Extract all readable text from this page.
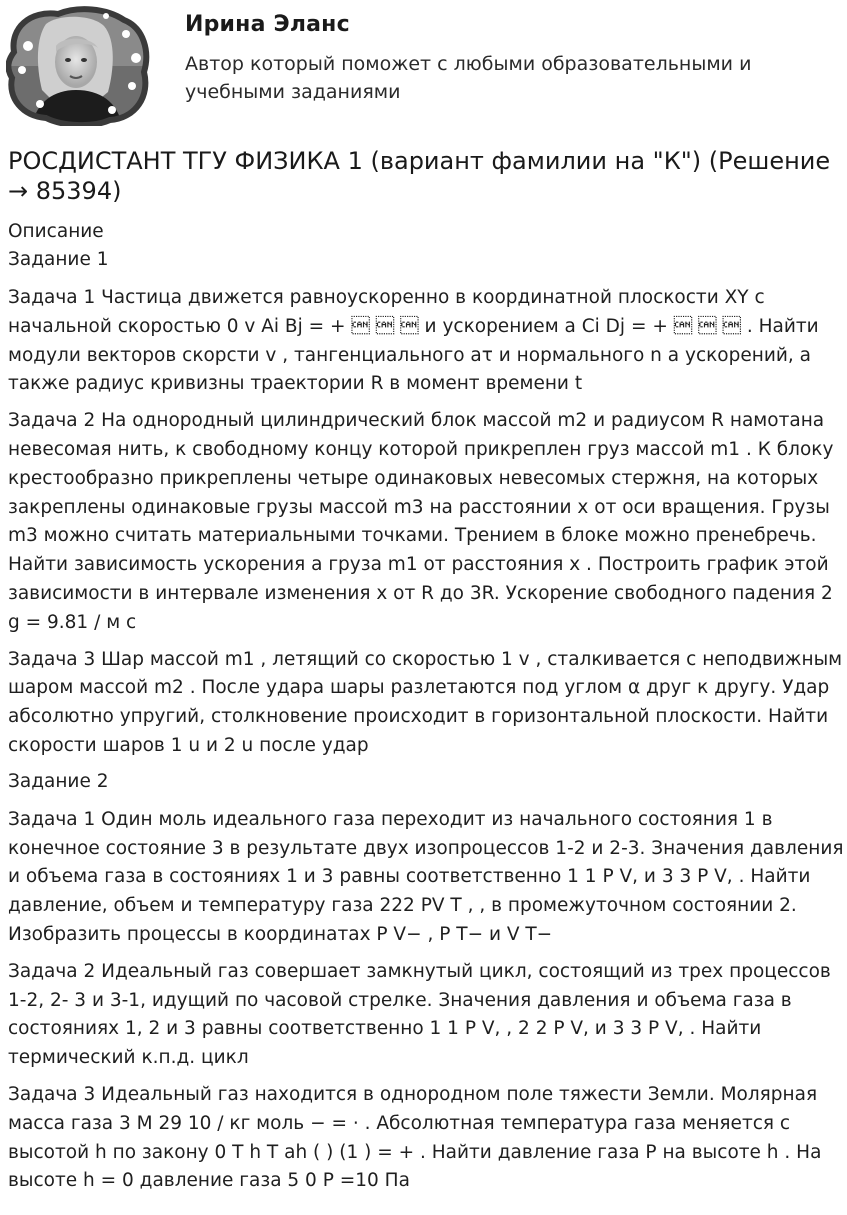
Ирина Эланс
Автор который поможет с любыми образовательными и учебными заданиями
РОСДИСТАНТ ТГУ ФИЗИКА 1 (вариант фамилии на "К") (Решение → 85394)
Описание
Задание 1
Задача 1 Частица движется равноускоренно в координатной плоскости XY с начальной скоростью 0 v Ai Bj = +    и ускорением a Ci Dj = +    . Найти модули векторов скорсти v , тангенциального aτ и нормального n a ускорений, а также радиус кривизны траектории R в момент времени t
Задача 2 На однородный цилиндрический блок массой m2 и радиусом R намотана невесомая нить, к свободному концу которой прикреплен груз массой m1 . К блоку крестообразно прикреплены четыре одинаковых невесомых стержня, на которых закреплены одинаковые грузы массой m3 на расстоянии x от оси вращения. Грузы m3 можно считать материальными точками. Трением в блоке можно пренебречь. Найти зависимость ускорения a груза m1 от расстояния x . Построить график этой зависимости в интервале изменения x от R до 3R. Ускорение свободного падения 2 g = 9.81 / м с
Задача 3 Шар массой m1 , летящий со скоростью 1 v , сталкивается с неподвижным шаром массой m2 . После удара шары разлетаются под углом α друг к другу. Удар абсолютно упругий, столкновение происходит в горизонтальной плоскости. Найти скорости шаров 1 u и 2 u после удар
Задание 2
Задача 1 Один моль идеального газа переходит из начального состояния 1 в конечное состояние 3 в результате двух изопроцессов 1-2 и 2-3. Значения давления и объема газа в состояниях 1 и 3 равны соответственно 1 1 P V, и 3 3 P V, . Найти давление, объем и температуру газа 222 PV T , , в промежуточном состоянии 2. Изобразить процессы в координатах P V− , P T− и V T−
Задача 2 Идеальный газ совершает замкнутый цикл, состоящий из трех процессов 1-2, 2- 3 и 3-1, идущий по часовой стрелке. Значения давления и объема газа в состояниях 1, 2 и 3 равны соответственно 1 1 P V, , 2 2 P V, и 3 3 P V, . Найти термический к.п.д. цикл
Задача 3 Идеальный газ находится в однородном поле тяжести Земли. Молярная масса газа 3 M 29 10 / кг моль − = ⋅ . Абсолютная температура газа меняется с высотой h по закону 0 T h T ah ( ) (1 ) = + . Найти давление газа P на высоте h . На высоте h = 0 давление газа 5 0 P =10 Па
